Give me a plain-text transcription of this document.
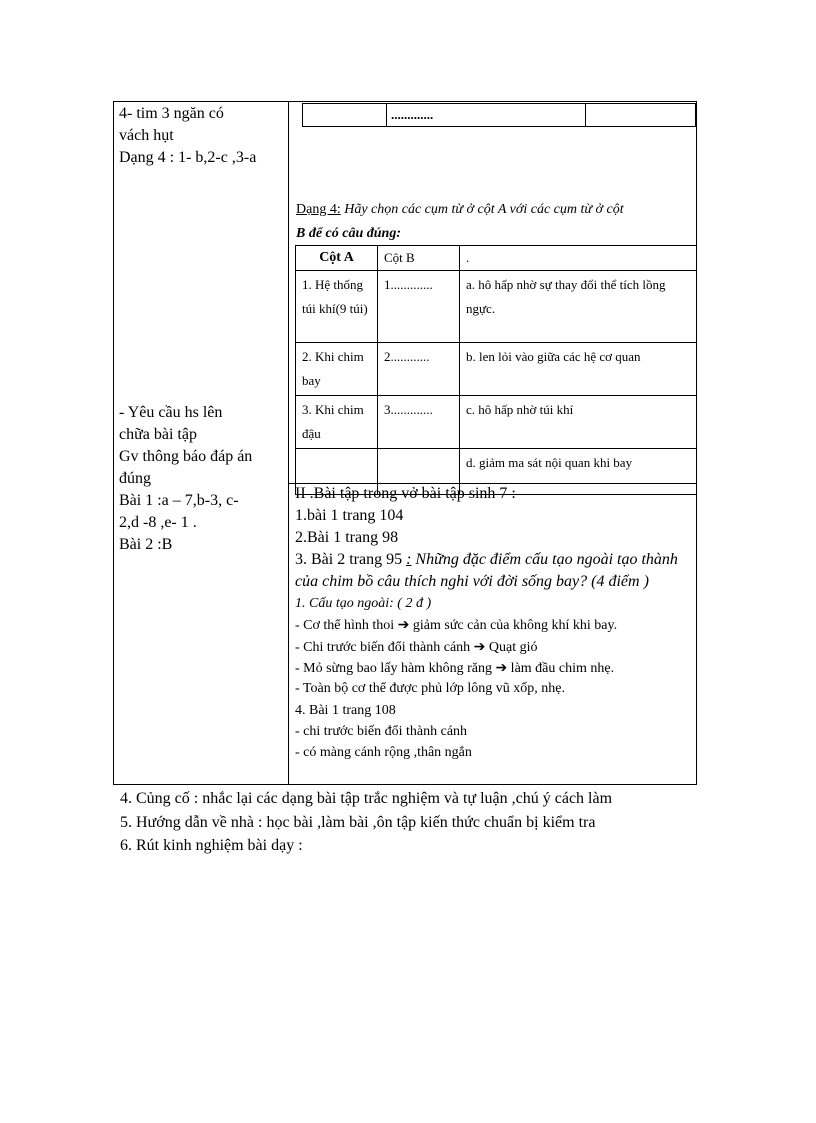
4- tim 3 ngăn có
vách hụt
Dạng 4 : 1- b,2-c ,3-a
- Yêu cầu hs lên
chữa bài tập
Gv thông báo đáp án
đúng
Bài 1 :a – 7,b-3, c-
2,d -8 ,e- 1 .
Bài 2 :B
	.............	
Dạng 4: Hãy chọn các cụm từ ở cột A với các cụm từ ở cột
B để có câu đúng:
Cột A	Cột B	.
1. Hệ thống túi khí(9 túi)	1.............	a. hô hấp nhờ sự thay đổi thể tích lồng ngực.
2. Khi chim bay	2............	b. len lỏi vào giữa các hệ cơ quan
3. Khi chim đậu	3.............	c. hô hấp nhờ túi khí
		d. giảm ma sát nội quan khi bay
II .Bài tập trong vở bài tập sinh 7 :
1.bài 1 trang 104
2.Bài 1 trang 98
3. Bài 2 trang 95 : Những đặc điểm cấu tạo ngoài tạo thành
của chim bồ câu thích nghi với đời sống bay? (4 điểm )
1. Cấu tạo ngoài: ( 2 đ )
- Cơ thể hình thoi ➔ giảm sức cản của không khí khi bay.
- Chi trước biến đổi thành cánh ➔ Quạt gió
- Mỏ sừng bao lấy hàm không răng ➔ làm đầu chim nhẹ.
- Toàn bộ cơ thể được phủ lớp lông vũ xốp, nhẹ.
4. Bài 1 trang 108
- chi trước biến đổi thành cánh
- có màng cánh rộng ,thân ngắn
4. Củng cố : nhắc lại các dạng bài tập trắc nghiệm và tự luận ,chú ý cách làm
5. Hướng dẫn về nhà : học bài ,làm bài ,ôn tập kiến thức chuẩn bị kiểm tra
6. Rút kinh nghiệm bài dạy :
